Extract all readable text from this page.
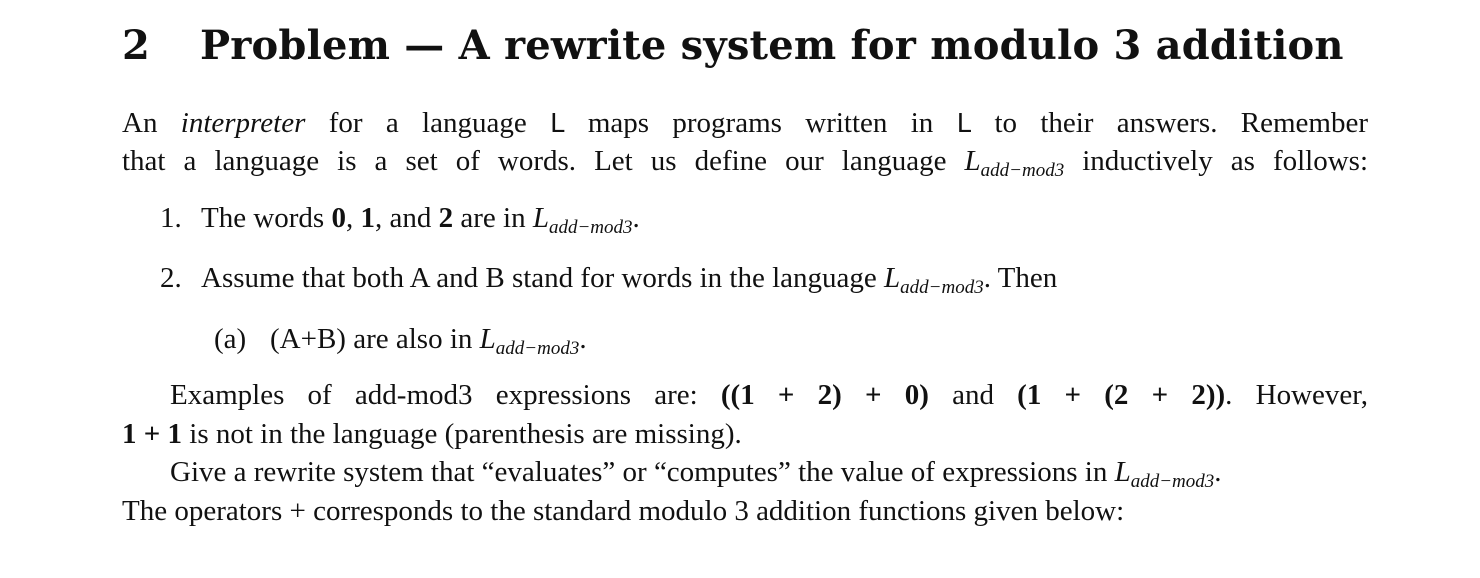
2 Problem — A rewrite system for modulo 3 addition
An interpreter for a language L maps programs written in L to their answers. Remember
that a language is a set of words. Let us define our language $L_{add-mod3}$ inductively as follows:
1. The words 0, 1, and 2 are in $L_{add-mod3}$.
2. Assume that both A and B stand for words in the language $L_{add-mod3}$. Then
(a) (A+B) are also in $L_{add-mod3}$.
Examples of add-mod3 expressions are: ((1 + 2) + 0) and (1 + (2 + 2)). However,
1 + 1 is not in the language (parenthesis are missing).
Give a rewrite system that “evaluates” or “computes” the value of expressions in $L_{add-mod3}$.
The operators + corresponds to the standard modulo 3 addition functions given below:
